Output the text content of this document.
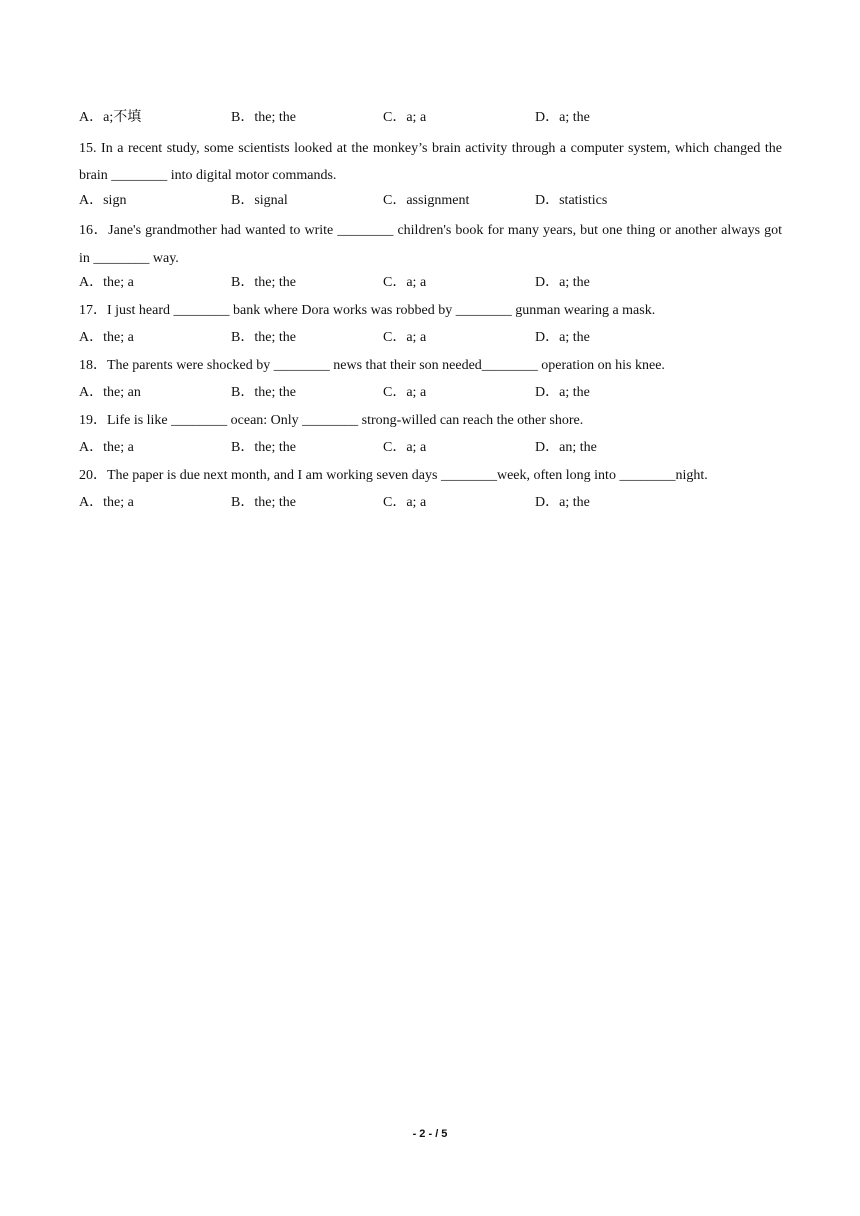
A．a;不填	B．the; the	C．a; a	D．a; the
15. In a recent study, some scientists looked at the monkey’s brain activity through a computer system, which changed the brain ________ into digital motor commands.
A．sign	B．signal	C．assignment	D．statistics
16．Jane's grandmother had wanted to write ________ children's book for many years, but one thing or another always got in ________ way.
A．the; a	B．the; the	C．a; a	D．a; the
17．I just heard ________ bank where Dora works was robbed by ________ gunman wearing a mask.
A．the; a	B．the; the	C．a; a	D．a; the
18．The parents were shocked by ________ news that their son needed________ operation on his knee.
A．the; an	B．the; the	C．a; a	D．a; the
19．Life is like ________ ocean: Only ________ strong-willed can reach the other shore.
A．the; a	B．the; the	C．a; a	D．an; the
20．The paper is due next month, and I am working seven days ________week, often long into ________night.
A．the; a	B．the; the	C．a; a	D．a; the
- 2 - / 5
